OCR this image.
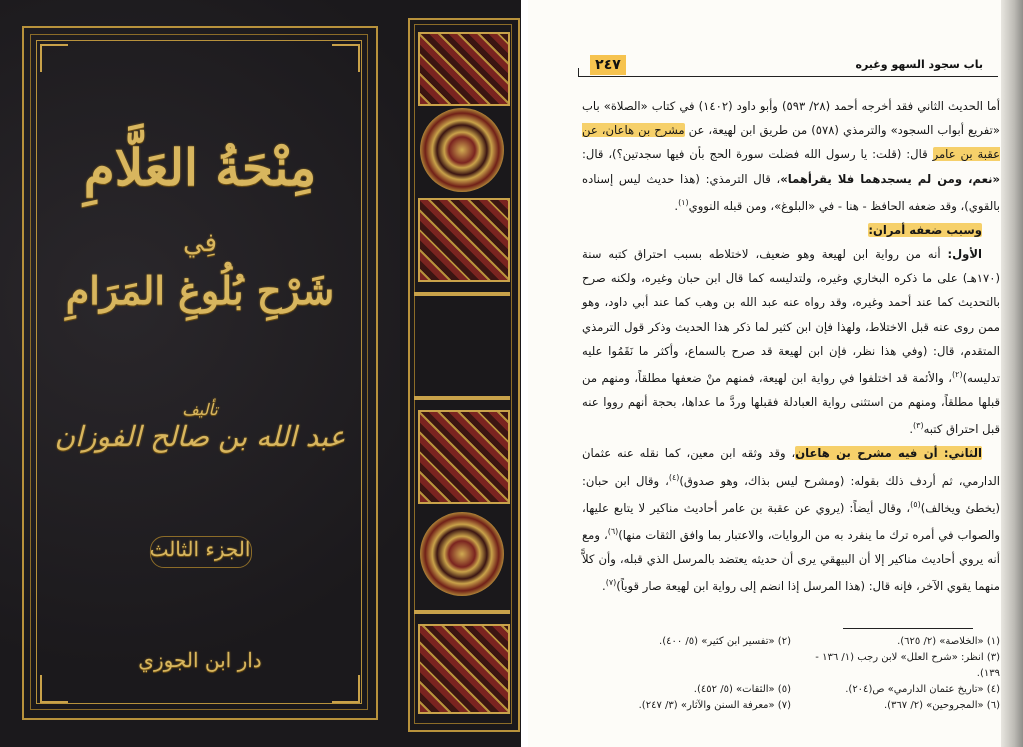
مِنْحَةُ العَلَّامِ
فِي
شَرْحِ بُلُوغِ المَرَامِ
تأليف
عبد الله بن صالح الفوزان
الجزء الثالث
دار ابن الجوزي
باب سجود السهو وغيره
٢٤٧

أما الحديث الثاني فقد أخرجه أحمد (٢٨/ ٥٩٣) وأبو داود (١٤٠٢) في كتاب «الصلاة» باب «تفريع أبواب السجود» والترمذي (٥٧٨) من طريق ابن لهيعة، عن مشرح بن هاعان، عن عقبة بن عامر قال: (قلت: يا رسول الله فضلت سورة الحج بأن فيها سجدتين؟)، قال: «نعم، ومن لم يسجدهما فلا يقرأهما»، قال الترمذي: (هذا حديث ليس إسناده بالقوي)، وقد ضعفه الحافظ - هنا - في «البلوغ»، ومن قبله النووي$^{(١)}$.

وسبب ضعفه أمران:

الأول: أنه من رواية ابن لهيعة وهو ضعيف، لاختلاطه بسبب احتراق كتبه سنة (١٧٠هـ) على ما ذكره البخاري وغيره، ولتدليسه كما قال ابن حبان وغيره، ولكنه صرح بالتحديث كما عند أحمد وغيره، وقد رواه عنه عبد الله بن وهب كما عند أبي داود، وهو ممن روى عنه قبل الاختلاط، ولهذا فإن ابن كثير لما ذكر هذا الحديث وذكر قول الترمذي المتقدم، قال: (وفي هذا نظر، فإن ابن لهيعة قد صرح بالسماع، وأكثر ما نَقَمُوا عليه تدليسه)$^{(٢)}$، والأئمة قد اختلفوا في رواية ابن لهيعة، فمنهم منْ ضعفها مطلقاً، ومنهم من قبلها مطلقاً، ومنهم من استثنى رواية العبادلة فقبلها وردَّ ما عداها، بحجة أنهم رووا عنه قبل احتراق كتبه$^{(٣)}$.

الثاني: أن فيه مشرح بن هاعان، وقد وثقه ابن معين، كما نقله عنه عثمان الدارمي، ثم أردف ذلك بقوله: (ومشرح ليس بذاك، وهو صدوق)$^{(٤)}$، وقال ابن حبان: (يخطئ ويخالف)$^{(٥)}$، وقال أيضاً: (يروي عن عقبة بن عامر أحاديث مناكير لا يتابع عليها، والصواب في أمره ترك ما ينفرد به من الروايات، والاعتبار بما وافق الثقات منها)$^{(٦)}$، ومع أنه يروي أحاديث مناكير إلا أن البيهقي يرى أن حديثه يعتضد بالمرسل الذي قبله، وأن كلاًّ منهما يقوي الآخر، فإنه قال: (هذا المرسل إذا انضم إلى رواية ابن لهيعة صار قوياً)$^{(٧)}$.

(١) «الخلاصة» (٢/ ٦٢٥).
(٢) «تفسير ابن كثير» (٥/ ٤٠٠).
(٣) انظر: «شرح العلل» لابن رجب (١/ ١٣٦ - ١٣٩).
(٤) «تاريخ عثمان الدارمي» ص(٢٠٤).
(٥) «الثقات» (٥/ ٤٥٢).
(٦) «المجروحين» (٢/ ٣٦٧).
(٧) «معرفة السنن والآثار» (٣/ ٢٤٧).
